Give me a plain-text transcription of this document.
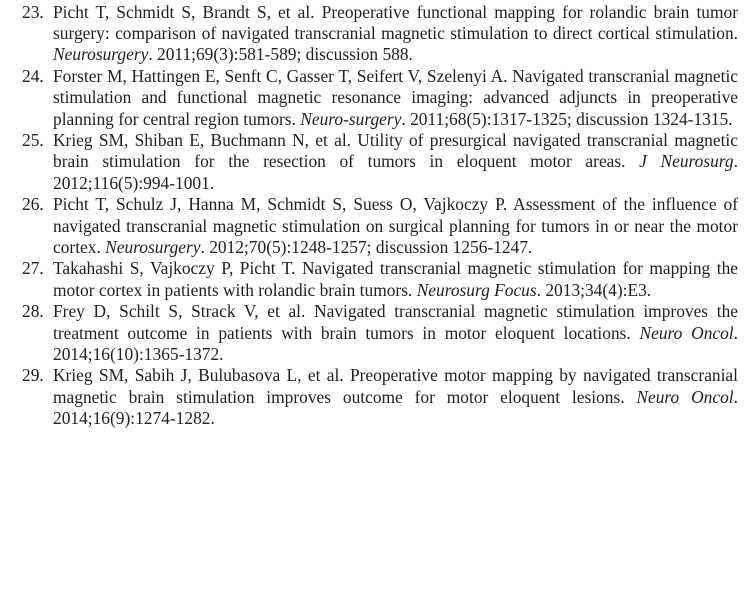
23. Picht T, Schmidt S, Brandt S, et al. Preoperative functional mapping for rolandic brain tumor surgery: comparison of navigated transcranial magnetic stimulation to direct cortical stimulation. Neurosurgery. 2011;69(3):581-589; discussion 588.
24. Forster M, Hattingen E, Senft C, Gasser T, Seifert V, Szelenyi A. Navigated transcranial magnetic stimulation and functional magnetic resonance imaging: advanced adjuncts in preoperative planning for central region tumors. Neuro-surgery. 2011;68(5):1317-1325; discussion 1324-1315.
25. Krieg SM, Shiban E, Buchmann N, et al. Utility of presurgical navigated transcranial magnetic brain stimulation for the resection of tumors in eloquent motor areas. J Neurosurg. 2012;116(5):994-1001.
26. Picht T, Schulz J, Hanna M, Schmidt S, Suess O, Vajkoczy P. Assessment of the influence of navigated transcranial magnetic stimulation on surgical planning for tumors in or near the motor cortex. Neurosurgery. 2012;70(5):1248-1257; discussion 1256-1247.
27. Takahashi S, Vajkoczy P, Picht T. Navigated transcranial magnetic stimulation for mapping the motor cortex in patients with rolandic brain tumors. Neurosurg Focus. 2013;34(4):E3.
28. Frey D, Schilt S, Strack V, et al. Navigated transcranial magnetic stimulation improves the treatment outcome in patients with brain tumors in motor eloquent locations. Neuro Oncol. 2014;16(10):1365-1372.
29. Krieg SM, Sabih J, Bulubasova L, et al. Preoperative motor mapping by navigated transcranial magnetic brain stimulation improves outcome for motor eloquent lesions. Neuro Oncol. 2014;16(9):1274-1282.
